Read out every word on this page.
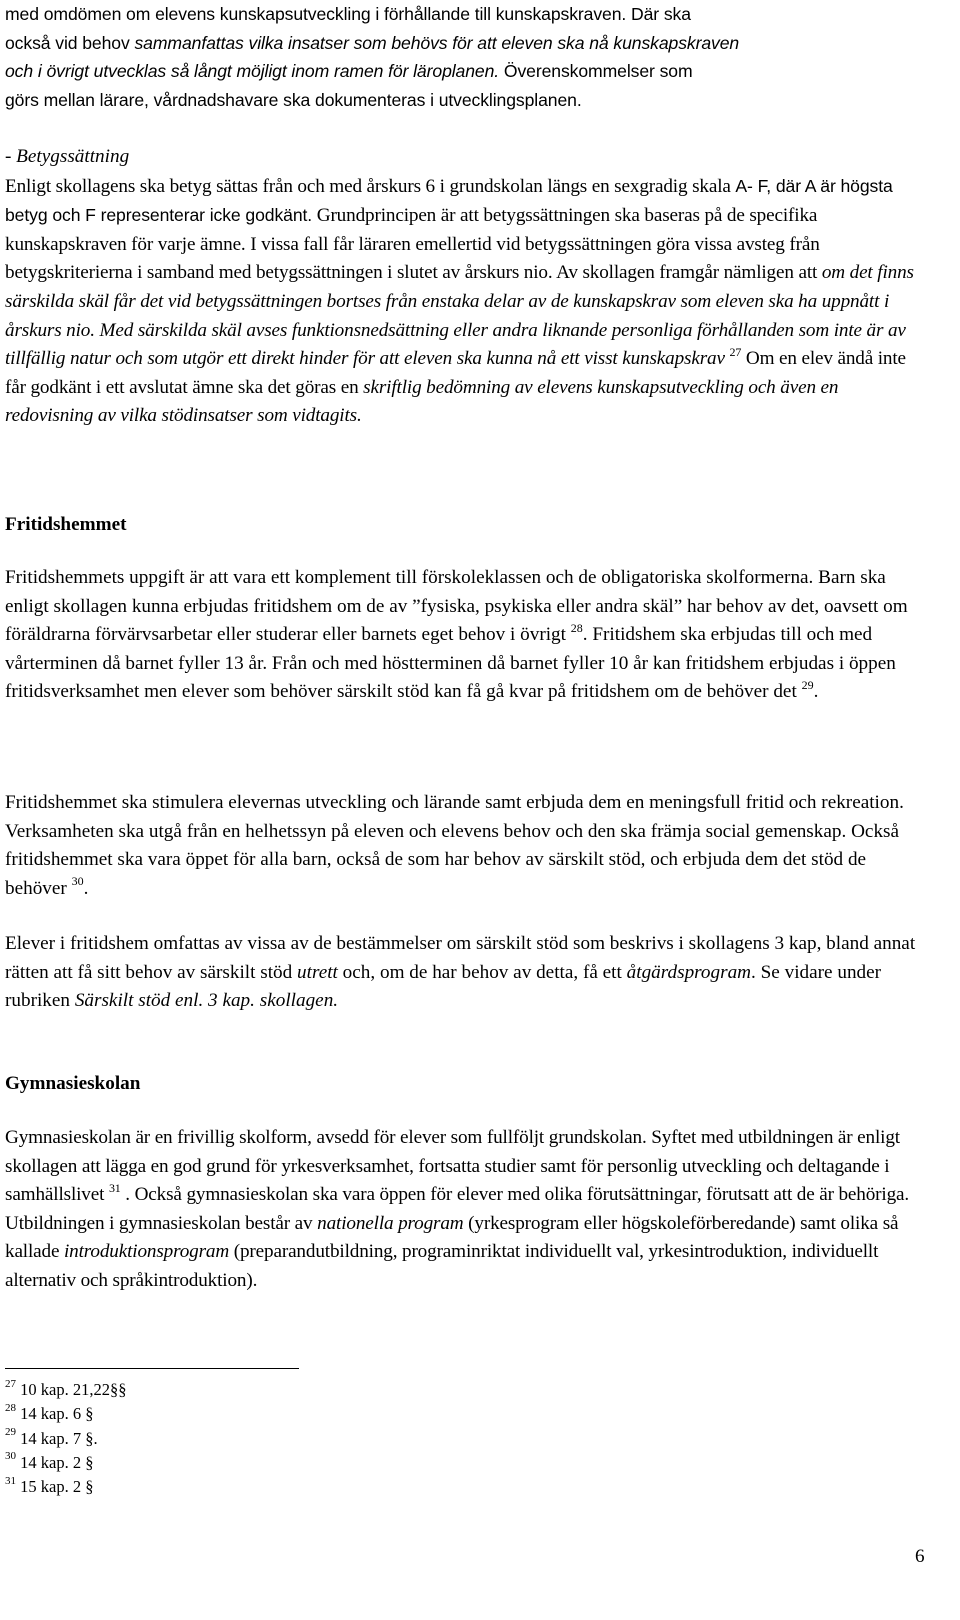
med omdömen om elevens kunskapsutveckling i förhållande till kunskapskraven. Där ska

också vid behov sammanfattas vilka insatser som behövs för att eleven ska nå kunskapskraven

och i övrigt utvecklas så långt möjligt inom ramen för läroplanen. Överenskommelser som

görs mellan lärare, vårdnadshavare ska dokumenteras i utvecklingsplanen.

- Betygssättning

Enligt skollagens ska betyg sättas från och med årskurs 6 i grundskolan längs en sexgradig skala A- F, där A är högsta betyg och F representerar icke godkänt. Grundprincipen är att betygssättningen ska baseras på de specifika kunskapskraven för varje ämne. I vissa fall får läraren emellertid vid betygssättningen göra vissa avsteg från betygskriterierna i samband med betygssättningen i slutet av årskurs nio. Av skollagen framgår nämligen att om det finns särskilda skäl får det vid betygssättningen bortses från enstaka delar av de kunskapskrav som eleven ska ha uppnått i årskurs nio. Med särskilda skäl avses funktionsnedsättning eller andra liknande personliga förhållanden som inte är av tillfällig natur och som utgör ett direkt hinder för att eleven ska kunna nå ett visst kunskapskrav $^{27}$ Om en elev ändå inte får godkänt i ett avslutat ämne ska det göras en skriftlig bedömning av elevens kunskapsutveckling och även en redovisning av vilka stödinsatser som vidtagits.

Fritidshemmet

Fritidshemmets uppgift är att vara ett komplement till förskoleklassen och de obligatoriska skolformerna. Barn ska enligt skollagen kunna erbjudas fritidshem om de av ”fysiska, psykiska eller andra skäl” har behov av det, oavsett om föräldrarna förvärvsarbetar eller studerar eller barnets eget behov i övrigt $^{28}$. Fritidshem ska erbjudas till och med vårterminen då barnet fyller 13 år. Från och med höstterminen då barnet fyller 10 år kan fritidshem erbjudas i öppen fritidsverksamhet men elever som behöver särskilt stöd kan få gå kvar på fritidshem om de behöver det $^{29}$.

Fritidshemmet ska stimulera elevernas utveckling och lärande samt erbjuda dem en meningsfull fritid och rekreation. Verksamheten ska utgå från en helhetssyn på eleven och elevens behov och den ska främja social gemenskap. Också fritidshemmet ska vara öppet för alla barn, också de som har behov av särskilt stöd, och erbjuda dem det stöd de behöver $^{30}$.

Elever i fritidshem omfattas av vissa av de bestämmelser om särskilt stöd som beskrivs i skollagens 3 kap, bland annat rätten att få sitt behov av särskilt stöd utrett och, om de har behov av detta, få ett åtgärdsprogram. Se vidare under rubriken Särskilt stöd enl. 3 kap. skollagen.

Gymnasieskolan

Gymnasieskolan är en frivillig skolform, avsedd för elever som fullföljt grundskolan. Syftet med utbildningen är enligt skollagen att lägga en god grund för yrkesverksamhet, fortsatta studier samt för personlig utveckling och deltagande i samhällslivet $^{31}$ . Också gymnasieskolan ska vara öppen för elever med olika förutsättningar, förutsatt att de är behöriga. Utbildningen i gymnasieskolan består av nationella program (yrkesprogram eller högskoleförberedande) samt olika så kallade introduktionsprogram (preparandutbildning, programinriktat individuellt val, yrkesintroduktion, individuellt alternativ och språkintroduktion).

$^{27}$ 10 kap. 21,22§§

$^{28}$ 14 kap. 6 §

$^{29}$ 14 kap. 7 §.

$^{30}$ 14 kap. 2 §

$^{31}$ 15 kap. 2 §

6
